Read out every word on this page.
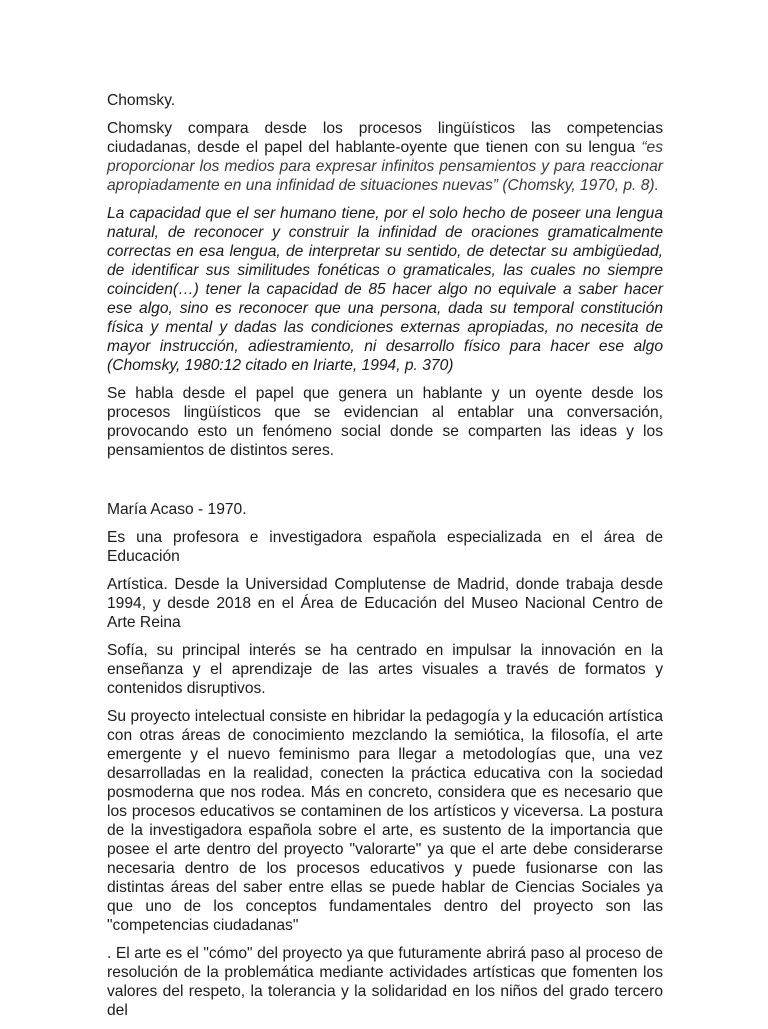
Chomsky.

Chomsky compara desde los procesos lingüísticos las competencias ciudadanas, desde el papel del hablante-oyente que tienen con su lengua “es proporcionar los medios para expresar infinitos pensamientos y para reaccionar apropiadamente en una infinidad de situaciones nuevas” (Chomsky, 1970, p. 8).

La capacidad que el ser humano tiene, por el solo hecho de poseer una lengua natural, de reconocer y construir la infinidad de oraciones gramaticalmente correctas en esa lengua, de interpretar su sentido, de detectar su ambigüedad, de identificar sus similitudes fonéticas o gramaticales, las cuales no siempre coinciden(…) tener la capacidad de 85 hacer algo no equivale a saber hacer ese algo, sino es reconocer que una persona, dada su temporal constitución física y mental y dadas las condiciones externas apropiadas, no necesita de mayor instrucción, adiestramiento, ni desarrollo físico para hacer ese algo (Chomsky, 1980:12 citado en Iriarte, 1994, p. 370)

Se habla desde el papel que genera un hablante y un oyente desde los procesos lingüísticos que se evidencian al entablar una conversación, provocando esto un fenómeno social donde se comparten las ideas y los pensamientos de distintos seres.

María Acaso - 1970.

Es una profesora e investigadora española especializada en el área de Educación

Artística. Desde la Universidad Complutense de Madrid, donde trabaja desde 1994, y desde 2018 en el Área de Educación del Museo Nacional Centro de Arte Reina

Sofía, su principal interés se ha centrado en impulsar la innovación en la enseñanza y el aprendizaje de las artes visuales a través de formatos y contenidos disruptivos.

Su proyecto intelectual consiste en hibridar la pedagogía y la educación artística con otras áreas de conocimiento mezclando la semiótica, la filosofía, el arte emergente y el nuevo feminismo para llegar a metodologías que, una vez desarrolladas en la realidad, conecten la práctica educativa con la sociedad posmoderna que nos rodea. Más en concreto, considera que es necesario que los procesos educativos se contaminen de los artísticos y viceversa. La postura de la investigadora española sobre el arte, es sustento de la importancia que posee el arte dentro del proyecto "valorarte" ya que el arte debe considerarse necesaria dentro de los procesos educativos y puede fusionarse con las distintas áreas del saber entre ellas se puede hablar de Ciencias Sociales ya que uno de los conceptos fundamentales dentro del proyecto son las "competencias ciudadanas"

. El arte es el "cómo" del proyecto ya que futuramente abrirá paso al proceso de resolución de la problemática mediante actividades artísticas que fomenten los valores del respeto, la tolerancia y la solidaridad en los niños del grado tercero del
